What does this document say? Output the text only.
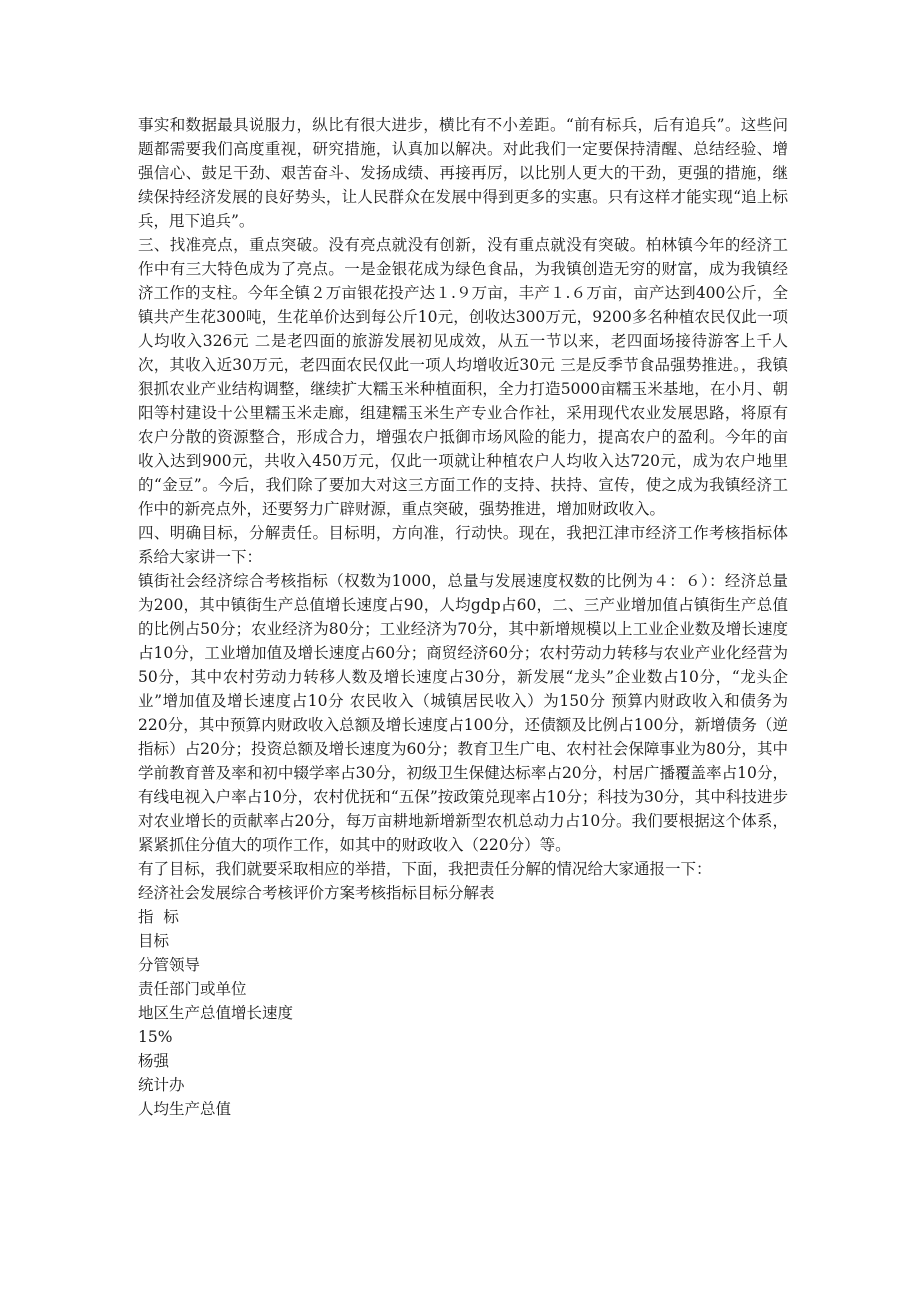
事实和数据最具说服力，纵比有很大进步，横比有不小差距。“前有标兵，后有追兵”。这些问题都需要我们高度重视，研究措施，认真加以解决。对此我们一定要保持清醒、总结经验、增强信心、鼓足干劲、艰苦奋斗、发扬成绩、再接再厉，以比别人更大的干劲，更强的措施，继续保持经济发展的良好势头，让人民群众在发展中得到更多的实惠。只有这样才能实现“追上标兵，甩下追兵”。

三、找准亮点，重点突破。没有亮点就没有创新，没有重点就没有突破。柏林镇今年的经济工作中有三大特色成为了亮点。一是金银花成为绿色食品，为我镇创造无穷的财富，成为我镇经济工作的支柱。今年全镇２万亩银花投产达１.９万亩，丰产１.６万亩，亩产达到400公斤，全镇共产生花300吨，生花单价达到每公斤10元，创收达300万元，9200多名种植农民仅此一项人均收入326元 二是老四面的旅游发展初见成效，从五一节以来，老四面场接待游客上千人次，其收入近30万元，老四面农民仅此一项人均增收近30元 三是反季节食品强势推进。，我镇狠抓农业产业结构调整，继续扩大糯玉米种植面积，全力打造5000亩糯玉米基地，在小月、朝阳等村建设十公里糯玉米走廊，组建糯玉米生产专业合作社，采用现代农业发展思路，将原有农户分散的资源整合，形成合力，增强农户抵御市场风险的能力，提高农户的盈利。今年的亩收入达到900元，共收入450万元，仅此一项就让种植农户人均收入达720元，成为农户地里的“金豆”。今后，我们除了要加大对这三方面工作的支持、扶持、宣传，使之成为我镇经济工作中的新亮点外，还要努力广辟财源，重点突破，强势推进，增加财政收入。

四、明确目标，分解责任。目标明，方向准，行动快。现在，我把江津市经济工作考核指标体系给大家讲一下：

镇街社会经济综合考核指标（权数为1000，总量与发展速度权数的比例为４：６）：经济总量为200，其中镇街生产总值增长速度占90，人均gdp占60，二、三产业增加值占镇街生产总值的比例占50分；农业经济为80分；工业经济为70分，其中新增规模以上工业企业数及增长速度占10分，工业增加值及增长速度占60分；商贸经济60分；农村劳动力转移与农业产业化经营为50分，其中农村劳动力转移人数及增长速度占30分，新发展“龙头”企业数占10分，“龙头企业”增加值及增长速度占10分 农民收入（城镇居民收入）为150分 预算内财政收入和债务为220分，其中预算内财政收入总额及增长速度占100分，还债额及比例占100分，新增债务（逆指标）占20分；投资总额及增长速度为60分；教育卫生广电、农村社会保障事业为80分，其中学前教育普及率和初中辍学率占30分，初级卫生保健达标率占20分，村居广播覆盖率占10分，有线电视入户率占10分，农村优抚和“五保”按政策兑现率占10分；科技为30分，其中科技进步对农业增长的贡献率占20分，每万亩耕地新增新型农机总动力占10分。我们要根据这个体系，紧紧抓住分值大的项作工作，如其中的财政收入（220分）等。

有了目标，我们就要采取相应的举措，下面，我把责任分解的情况给大家通报一下：

经济社会发展综合考核评价方案考核指标目标分解表

指  标

目标

分管领导

责任部门或单位

地区生产总值增长速度

15%

杨强

统计办

人均生产总值
